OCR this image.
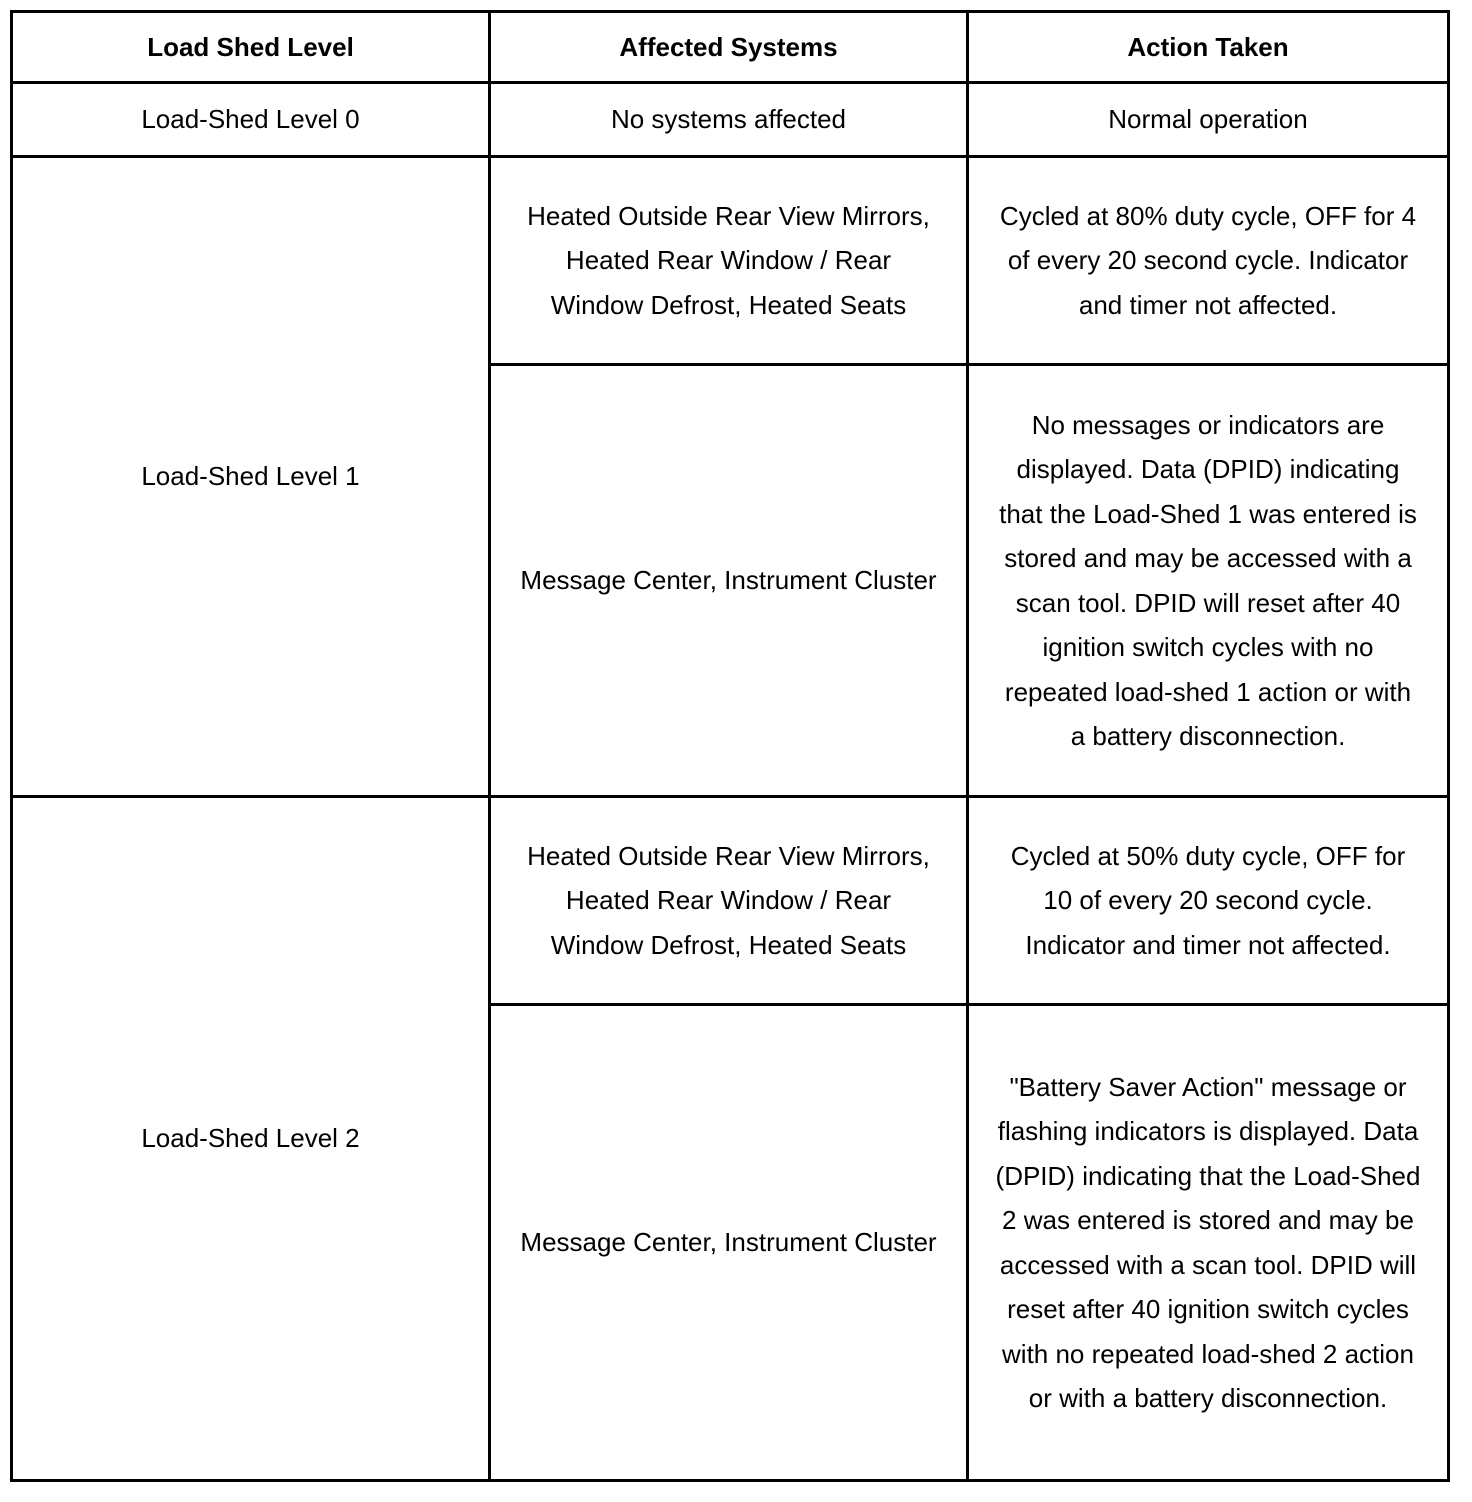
Load Shed Level	Affected Systems	Action Taken
Load-Shed Level 0	No systems affected	Normal operation
Load-Shed Level 1	Heated Outside Rear View Mirrors, Heated Rear Window / Rear Window Defrost, Heated Seats	Cycled at 80% duty cycle, OFF for 4 of every 20 second cycle. Indicator and timer not affected.
	Message Center, Instrument Cluster	No messages or indicators are displayed. Data (DPID) indicating that the Load-Shed 1 was entered is stored and may be accessed with a scan tool. DPID will reset after 40 ignition switch cycles with no repeated load-shed 1 action or with a battery disconnection.
Load-Shed Level 2	Heated Outside Rear View Mirrors, Heated Rear Window / Rear Window Defrost, Heated Seats	Cycled at 50% duty cycle, OFF for 10 of every 20 second cycle. Indicator and timer not affected.
	Message Center, Instrument Cluster	"Battery Saver Action" message or flashing indicators is displayed. Data (DPID) indicating that the Load-Shed 2 was entered is stored and may be accessed with a scan tool. DPID will reset after 40 ignition switch cycles with no repeated load-shed 2 action or with a battery disconnection.
